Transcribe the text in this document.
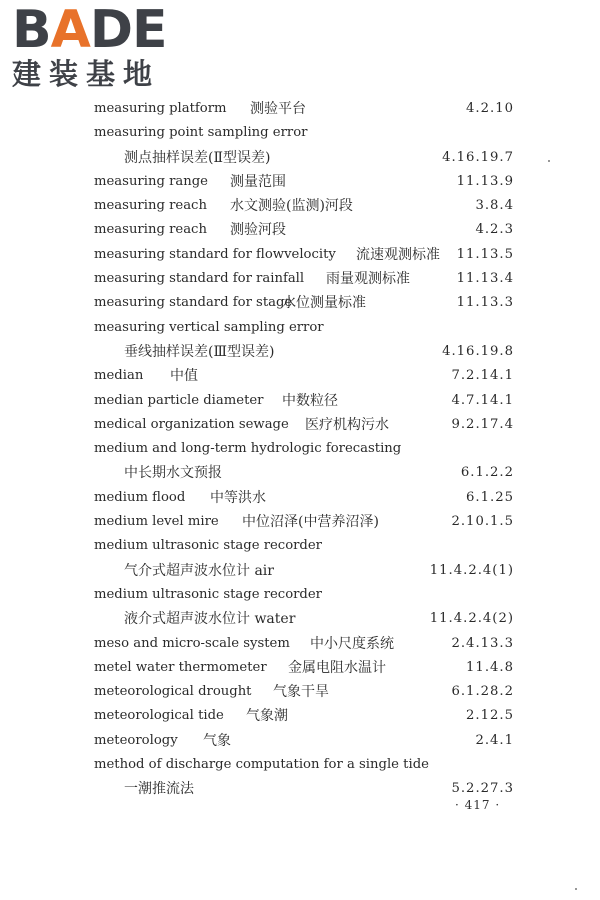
B A DE
建装基地
measuring platform 测验平台	4.2.10
measuring point sampling error
测点抽样误差(Ⅱ型误差)	4.16.19.7
measuring range 测量范围	11.13.9
measuring reach 水文测验(监测)河段	3.8.4
measuring reach 测验河段	4.2.3
measuring standard for flowvelocity 流速观测标准 11.13.5
measuring standard for rainfall 雨量观测标准	11.13.4
measuring standard for stage
水位测量标准	11.13.3
measuring vertical sampling error
垂线抽样误差(Ⅲ型误差)	4.16.19.8
median 中值	7.2.14.1
median particle diameter 中数粒径	4.7.14.1
medical organization sewage 医疗机构污水	9.2.17.4
medium and long-term hydrologic forecasting
中长期水文预报	6.1.2.2
medium flood 中等洪水	6.1.25
medium level mire 中位沼泽(中营养沼泽)	2.10.1.5
medium ultrasonic stage recorder
气介式超声波水位计 air	11.4.2.4(1)
medium ultrasonic stage recorder
液介式超声波水位计 water	11.4.2.4(2)
meso and micro-scale system 中小尺度系统	2.4.13.3
metel water thermometer 金属电阻水温计	11.4.8
meteorological drought 气象干旱	6.1.28.2
meteorological tide 气象潮	2.12.5
meteorology 气象	2.4.1
method of discharge computation for a single tide
一潮推流法	5.2.27.3
· 417 ·
